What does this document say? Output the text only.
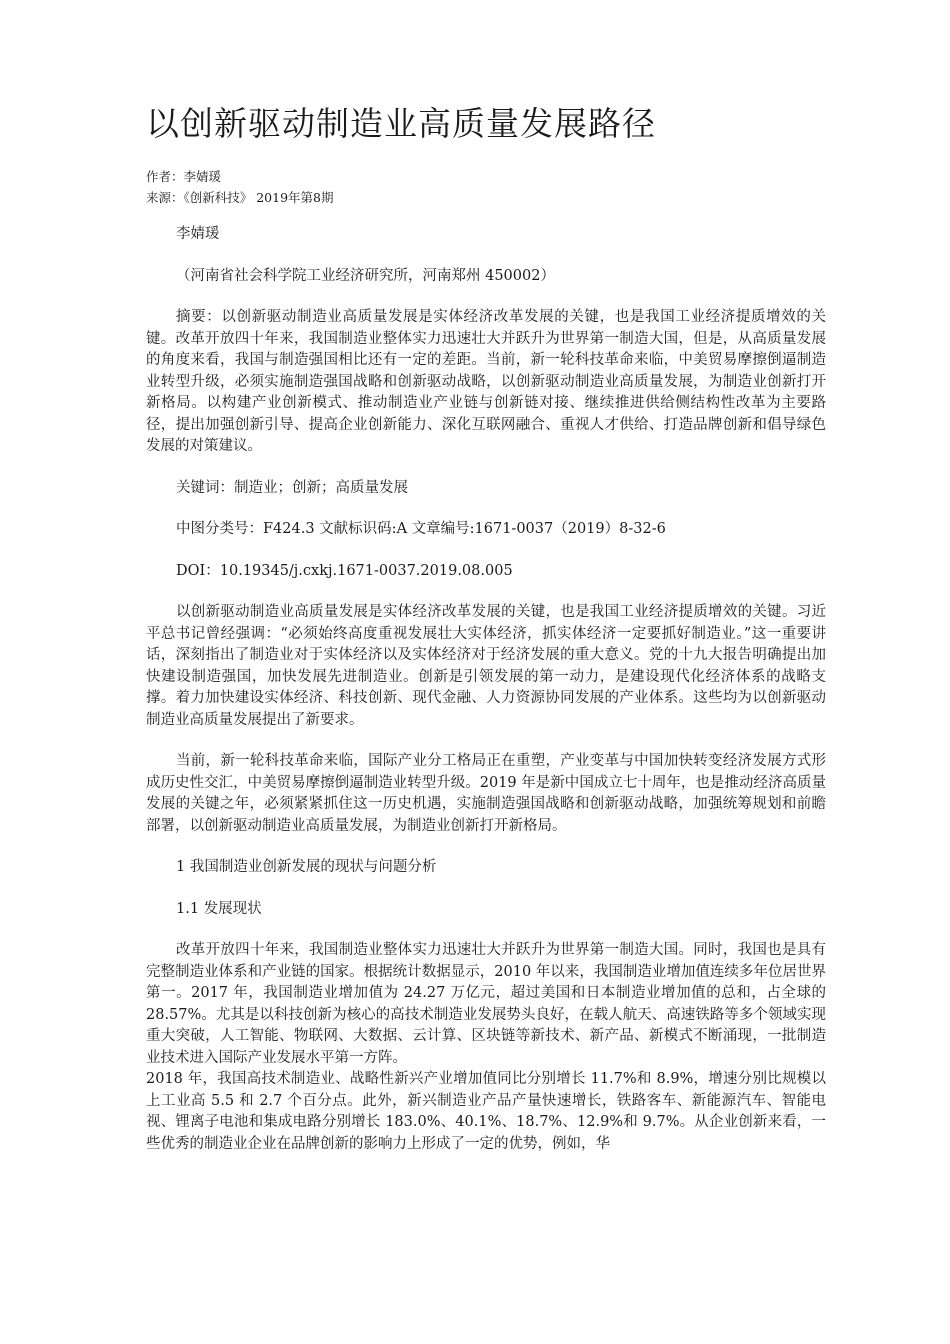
以创新驱动制造业高质量发展路径
作者：李婧瑗
来源：《创新科技》 2019年第8期

李婧瑗

（河南省社会科学院工业经济研究所，河南郑州 450002）

摘要：以创新驱动制造业高质量发展是实体经济改革发展的关键，也是我国工业经济提质增效的关键。改革开放四十年来，我国制造业整体实力迅速壮大并跃升为世界第一制造大国，但是，从高质量发展的角度来看，我国与制造强国相比还有一定的差距。当前，新一轮科技革命来临，中美贸易摩擦倒逼制造业转型升级，必须实施制造强国战略和创新驱动战略，以创新驱动制造业高质量发展，为制造业创新打开新格局。以构建产业创新模式、推动制造业产业链与创新链对接、继续推进供给侧结构性改革为主要路径，提出加强创新引导、提高企业创新能力、深化互联网融合、重视人才供给、打造品牌创新和倡导绿色发展的对策建议。

关键词：制造业；创新；高质量发展

中图分类号：F424.3 文献标识码:A 文章编号:1671-0037（2019）8-32-6

DOI：10.19345/j.cxkj.1671-0037.2019.08.005

以创新驱动制造业高质量发展是实体经济改革发展的关键，也是我国工业经济提质增效的关键。习近平总书记曾经强调：“必须始终高度重视发展壮大实体经济，抓实体经济一定要抓好制造业。”这一重要讲话，深刻指出了制造业对于实体经济以及实体经济对于经济发展的重大意义。党的十九大报告明确提出加快建设制造强国，加快发展先进制造业。创新是引领发展的第一动力，是建设现代化经济体系的战略支撑。着力加快建设实体经济、科技创新、现代金融、人力资源协同发展的产业体系。这些均为以创新驱动制造业高质量发展提出了新要求。

当前，新一轮科技革命来临，国际产业分工格局正在重塑，产业变革与中国加快转变经济发展方式形成历史性交汇，中美贸易摩擦倒逼制造业转型升级。2019 年是新中国成立七十周年，也是推动经济高质量发展的关键之年，必须紧紧抓住这一历史机遇，实施制造强国战略和创新驱动战略，加强统筹规划和前瞻部署，以创新驱动制造业高质量发展，为制造业创新打开新格局。

1 我国制造业创新发展的现状与问题分析

1.1 发展现状

改革开放四十年来，我国制造业整体实力迅速壮大并跃升为世界第一制造大国。同时，我国也是具有完整制造业体系和产业链的国家。根据统计数据显示，2010 年以来，我国制造业增加值连续多年位居世界第一。2017 年，我国制造业增加值为 24.27 万亿元，超过美国和日本制造业增加值的总和，占全球的 28.57%。尤其是以科技创新为核心的高技术制造业发展势头良好，在载人航天、高速铁路等多个领域实现重大突破，人工智能、物联网、大数据、云计算、区块链等新技术、新产品、新模式不断涌现，一批制造业技术进入国际产业发展水平第一方阵。

2018 年，我国高技术制造业、战略性新兴产业增加值同比分别增长 11.7%和 8.9%，增速分别比规模以上工业高 5.5 和 2.7 个百分点。此外，新兴制造业产品产量快速增长，铁路客车、新能源汽车、智能电视、锂离子电池和集成电路分别增长 183.0%、40.1%、18.7%、12.9%和 9.7%。从企业创新来看，一些优秀的制造业企业在品牌创新的影响力上形成了一定的优势，例如，华
